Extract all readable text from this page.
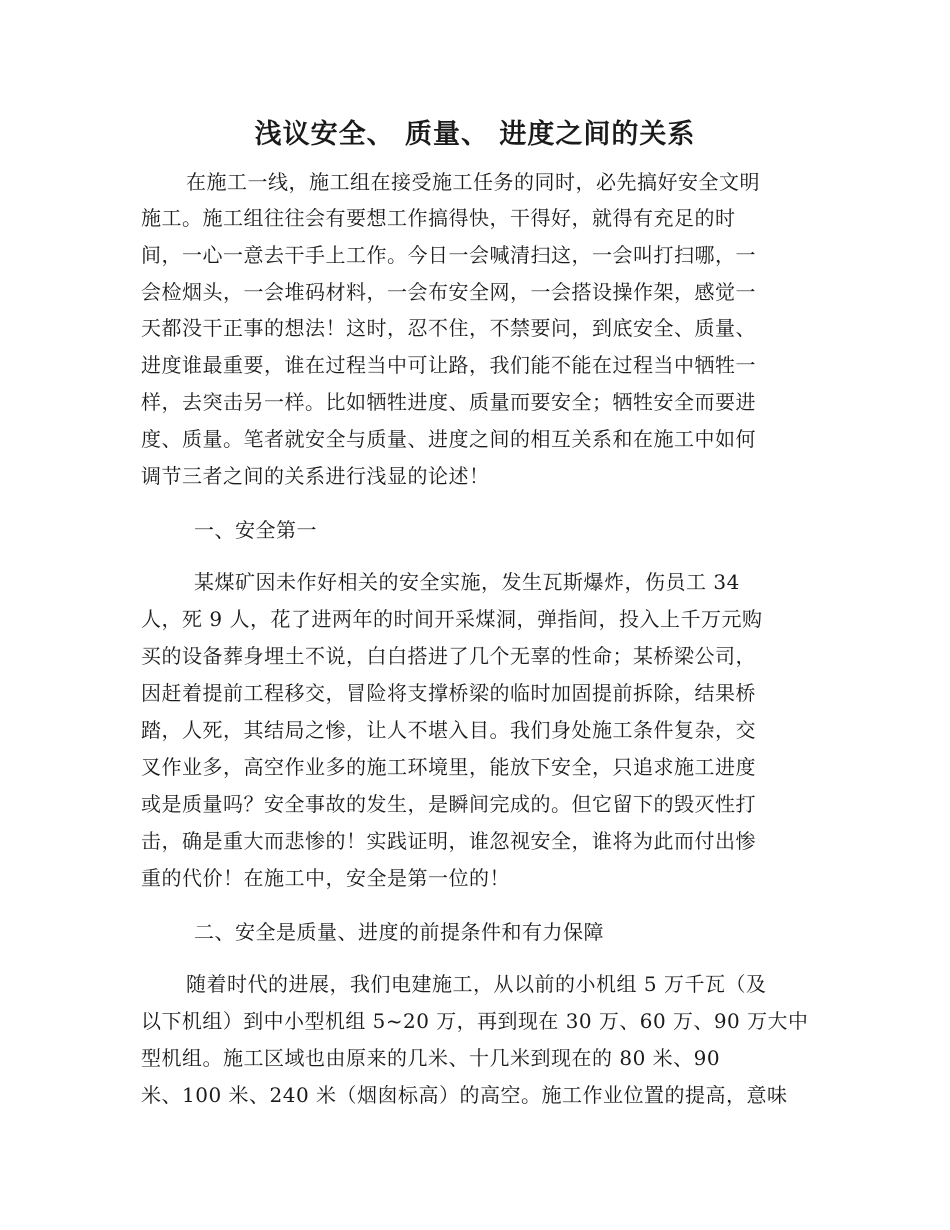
浅议安全、 质量、 进度之间的关系

在施工一线，施工组在接受施工任务的同时，必先搞好安全文明

施工。施工组往往会有要想工作搞得快，干得好，就得有充足的时

间，一心一意去干手上工作。今日一会喊清扫这，一会叫打扫哪，一

会检烟头，一会堆码材料，一会布安全网，一会搭设操作架，感觉一

天都没干正事的想法！这时，忍不住，不禁要问，到底安全、质量、

进度谁最重要，谁在过程当中可让路，我们能不能在过程当中牺牲一

样，去突击另一样。比如牺牲进度、质量而要安全；牺牲安全而要进

度、质量。笔者就安全与质量、进度之间的相互关系和在施工中如何

调节三者之间的关系进行浅显的论述！

一、安全第一

某煤矿因未作好相关的安全实施，发生瓦斯爆炸，伤员工 34

人，死 9 人，花了进两年的时间开采煤洞，弹指间，投入上千万元购

买的设备葬身埋土不说，白白搭进了几个无辜的性命；某桥梁公司，

因赶着提前工程移交，冒险将支撑桥梁的临时加固提前拆除，结果桥

踏，人死，其结局之惨，让人不堪入目。我们身处施工条件复杂，交

叉作业多，高空作业多的施工环境里，能放下安全，只追求施工进度

或是质量吗？安全事故的发生，是瞬间完成的。但它留下的毁灭性打

击，确是重大而悲惨的！实践证明，谁忽视安全，谁将为此而付出惨

重的代价！在施工中，安全是第一位的！

二、安全是质量、进度的前提条件和有力保障

随着时代的进展，我们电建施工，从以前的小机组 5 万千瓦（及

以下机组）到中小型机组 5~20 万，再到现在 30 万、60 万、90 万大中

型机组。施工区域也由原来的几米、十几米到现在的 80 米、90

米、100 米、240 米（烟囱标高）的高空。施工作业位置的提高，意味
